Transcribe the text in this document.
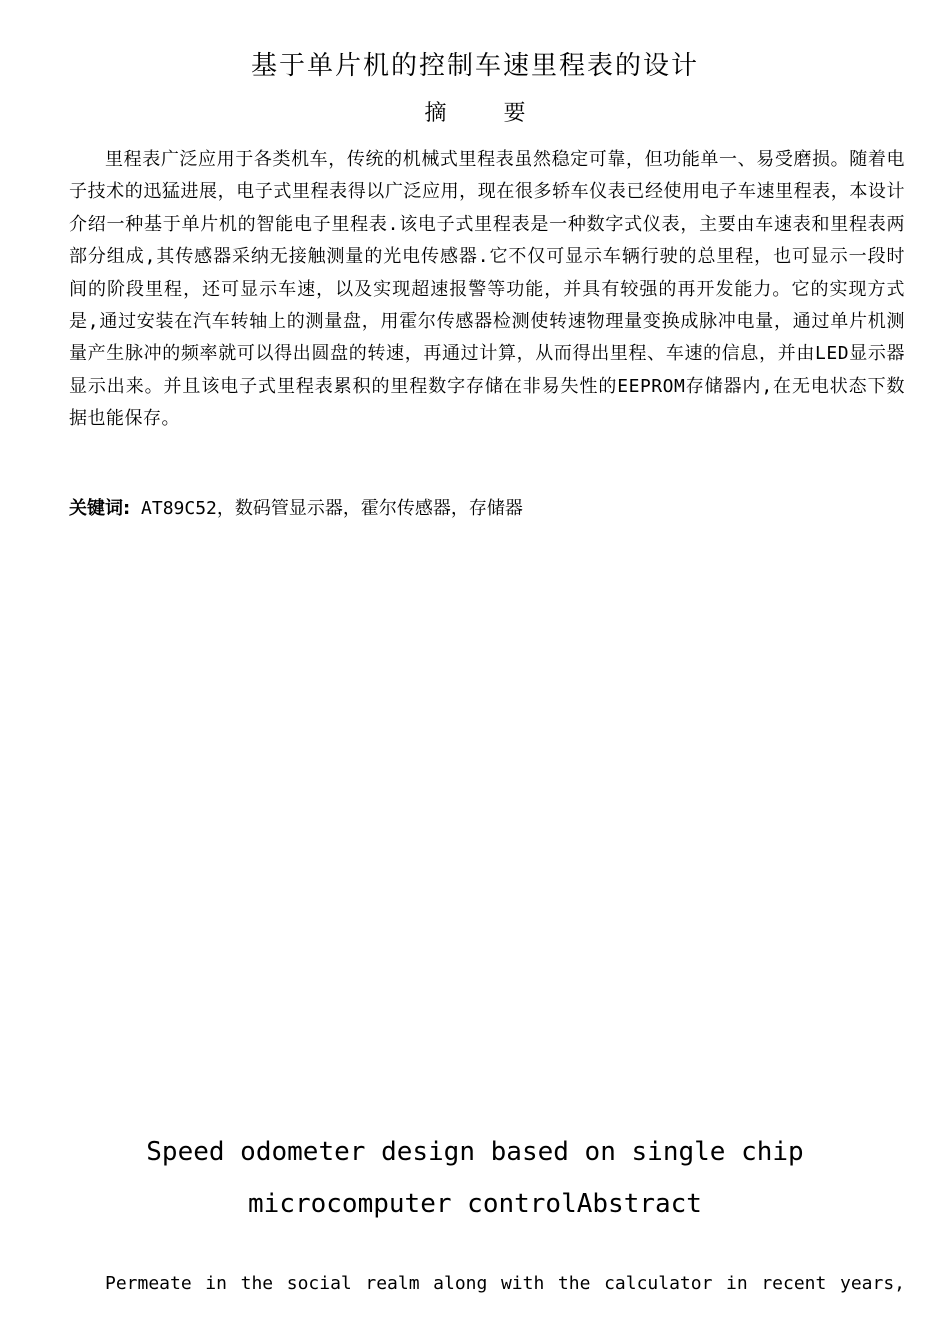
基于单片机的控制车速里程表的设计
摘 要

里程表广泛应用于各类机车，传统的机械式里程表虽然稳定可靠，但功能单一、易受磨损。随着电子技术的迅猛进展，电子式里程表得以广泛应用，现在很多轿车仪表已经使用电子车速里程表，本设计介绍一种基于单片机的智能电子里程表.该电子式里程表是一种数字式仪表，主要由车速表和里程表两部分组成,其传感器采纳无接触测量的光电传感器.它不仅可显示车辆行驶的总里程，也可显示一段时间的阶段里程，还可显示车速，以及实现超速报警等功能，并具有较强的再开发能力。它的实现方式是,通过安装在汽车转轴上的测量盘，用霍尔传感器检测使转速物理量变换成脉冲电量，通过单片机测量产生脉冲的频率就可以得出圆盘的转速，再通过计算，从而得出里程、车速的信息，并由LED显示器显示出来。并且该电子式里程表累积的里程数字存储在非易失性的EEPROM存储器内,在无电状态下数据也能保存。

关键词: AT89C52，数码管显示器，霍尔传感器，存储器

Speed odometer design based on single chip
microcomputer controlAbstract

Permeate in the social realm along with the calculator in recent years,
